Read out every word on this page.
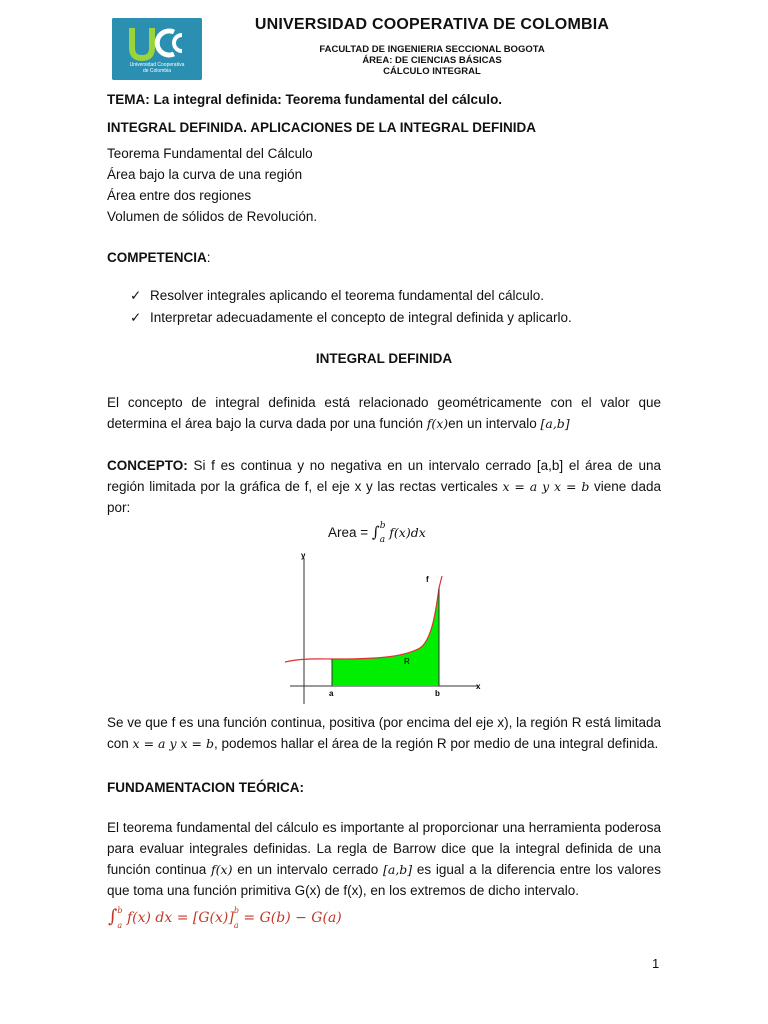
Universidad Cooperativa
de Colombia
UNIVERSIDAD COOPERATIVA DE COLOMBIA
FACULTAD DE INGENIERIA SECCIONAL BOGOTA
ÁREA: DE CIENCIAS BÁSICAS
CÁLCULO INTEGRAL
TEMA: La integral definida: Teorema fundamental del cálculo.
INTEGRAL DEFINIDA. APLICACIONES DE LA INTEGRAL DEFINIDA
Teorema Fundamental del Cálculo
Área bajo la curva de una región
Área entre dos regiones
Volumen de sólidos de Revolución.
COMPETENCIA:
✓ Resolver integrales aplicando el teorema fundamental del cálculo.
✓ Interpretar adecuadamente el concepto de integral definida y aplicarlo.
INTEGRAL DEFINIDA
El concepto de integral definida está relacionado geométricamente con el valor que
determina el área bajo la curva dada por una función f(x)en un intervalo [a,b]
CONCEPTO: Si f es continua y no negativa en un intervalo cerrado [a,b] el área de una
región limitada por la gráfica de f, el eje x y las rectas verticales x = a y x = b viene dada
por:
Area = ∫ b
a
f(x)dx
y
x
f
R
a	b
Se ve que f es una función continua, positiva (por encima del eje x), la región R está limitada
con x = a y x = b, podemos hallar el área de la región R por medio de una integral definida.
FUNDAMENTACION TEÓRICA:
El teorema fundamental del cálculo es importante al proporcionar una herramienta poderosa
para evaluar integrales definidas. La regla de Barrow dice que la integral definida de una
función continua f(x) en un intervalo cerrado [a,b] es igual a la diferencia entre los valores
que toma una función primitiva G(x) de f(x), en los extremos de dicho intervalo.
∫ b
a f(x) dx = [G(x)] b
a = G(b) − G(a)
1
